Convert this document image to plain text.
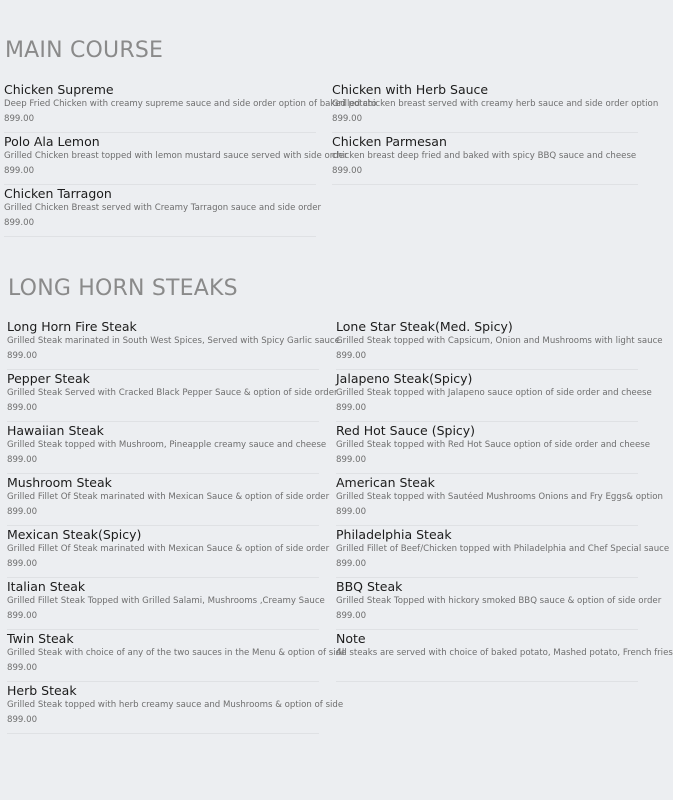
MAIN COURSE
Chicken Supreme
Deep Fried Chicken with creamy supreme sauce and side order option of baked potato
899.00
Chicken with Herb Sauce
Grilled chicken breast served with creamy herb sauce and side order option
899.00
Polo Ala Lemon
Grilled Chicken breast topped with lemon mustard sauce served with side order
899.00
Chicken Parmesan
chicken breast deep fried and baked with spicy BBQ sauce and cheese
899.00
Chicken Tarragon
Grilled Chicken Breast served with Creamy Tarragon sauce and side order
899.00
LONG HORN STEAKS
Long Horn Fire Steak
Grilled Steak marinated in South West Spices, Served with Spicy Garlic sauce
899.00
Lone Star Steak(Med. Spicy)
Grilled Steak topped with Capsicum, Onion and Mushrooms with light sauce
899.00
Pepper Steak
Grilled Steak Served with Cracked Black Pepper Sauce & option of side order
899.00
Jalapeno Steak(Spicy)
Grilled Steak topped with Jalapeno sauce option of side order and cheese
899.00
Hawaiian Steak
Grilled Steak topped with Mushroom, Pineapple creamy sauce and cheese
899.00
Red Hot Sauce (Spicy)
Grilled Steak topped with Red Hot Sauce option of side order and cheese
899.00
Mushroom Steak
Grilled Fillet Of Steak marinated with Mexican Sauce & option of side order
899.00
American Steak
Grilled Steak topped with Sautéed Mushrooms Onions and Fry Eggs& option
899.00
Mexican Steak(Spicy)
Grilled Fillet Of Steak marinated with Mexican Sauce & option of side order
899.00
Philadelphia Steak
Grilled Fillet of Beef/Chicken topped with Philadelphia and Chef Special sauce
899.00
Italian Steak
Grilled Fillet Steak Topped with Grilled Salami, Mushrooms ,Creamy Sauce
899.00
BBQ Steak
Grilled Steak Topped with hickory smoked BBQ sauce & option of side order
899.00
Twin Steak
Grilled Steak with choice of any of the two sauces in the Menu & option of side
899.00
Note
All steaks are served with choice of baked potato, Mashed potato, French fries
Herb Steak
Grilled Steak topped with herb creamy sauce and Mushrooms & option of side
899.00
